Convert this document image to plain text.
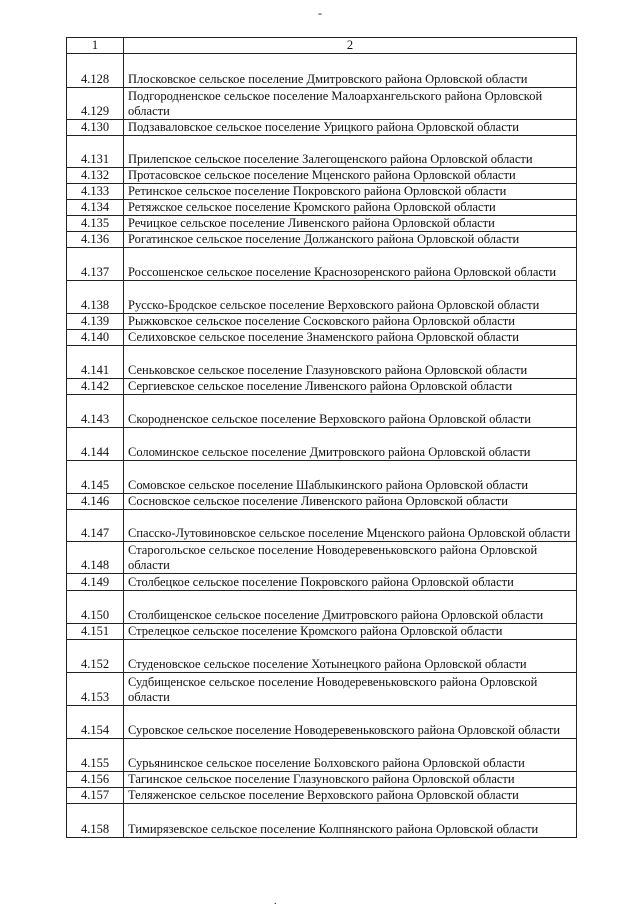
-
1	2
4.128	Плосковское сельское поселение Дмитровского района Орловской области
4.129	Подгородненское сельское поселение Малоархангельского района Орловской области
4.130	Подзаваловское сельское поселение Урицкого района Орловской области
4.131	Прилепское сельское поселение Залегощенского района Орловской области
4.132	Протасовское сельское поселение Мценского района Орловской области
4.133	Ретинское сельское поселение Покровского района Орловской области
4.134	Ретяжское сельское поселение Кромского района Орловской области
4.135	Речицкое сельское поселение Ливенского района Орловской области
4.136	Рогатинское сельское поселение Должанского района Орловской области
4.137	Россошенское сельское поселение Краснозоренского района Орловской области
4.138	Русско-Бродское сельское поселение Верховского района Орловской области
4.139	Рыжковское сельское поселение Сосковского района Орловской области
4.140	Селиховское сельское поселение Знаменского района Орловской области
4.141	Сеньковское сельское поселение Глазуновского района Орловской области
4.142	Сергиевское сельское поселение Ливенского района Орловской области
4.143	Скородненское сельское поселение Верховского района Орловской области
4.144	Соломинское сельское поселение Дмитровского района Орловской области
4.145	Сомовское сельское поселение Шаблыкинского района Орловской области
4.146	Сосновское сельское поселение Ливенского района Орловской области
4.147	Спасско-Лутовиновское сельское поселение Мценского района Орловской области
4.148	Старогольское сельское поселение Новодеревеньковского района Орловской области
4.149	Столбецкое сельское поселение Покровского района Орловской области
4.150	Столбищенское сельское поселение Дмитровского района Орловской области
4.151	Стрелецкое сельское поселение Кромского района Орловской области
4.152	Студеновское сельское поселение Хотынецкого района Орловской области
4.153	Судбищенское сельское поселение Новодеревеньковского района Орловской области
4.154	Суровское сельское поселение Новодеревеньковского района Орловской области
4.155	Сурьянинское сельское поселение Болховского района Орловской области
4.156	Тагинское сельское поселение Глазуновского района Орловской области
4.157	Теляженское сельское поселение Верховского района Орловской области
4.158	Тимирязевское сельское поселение Колпнянского района Орловской области
.
